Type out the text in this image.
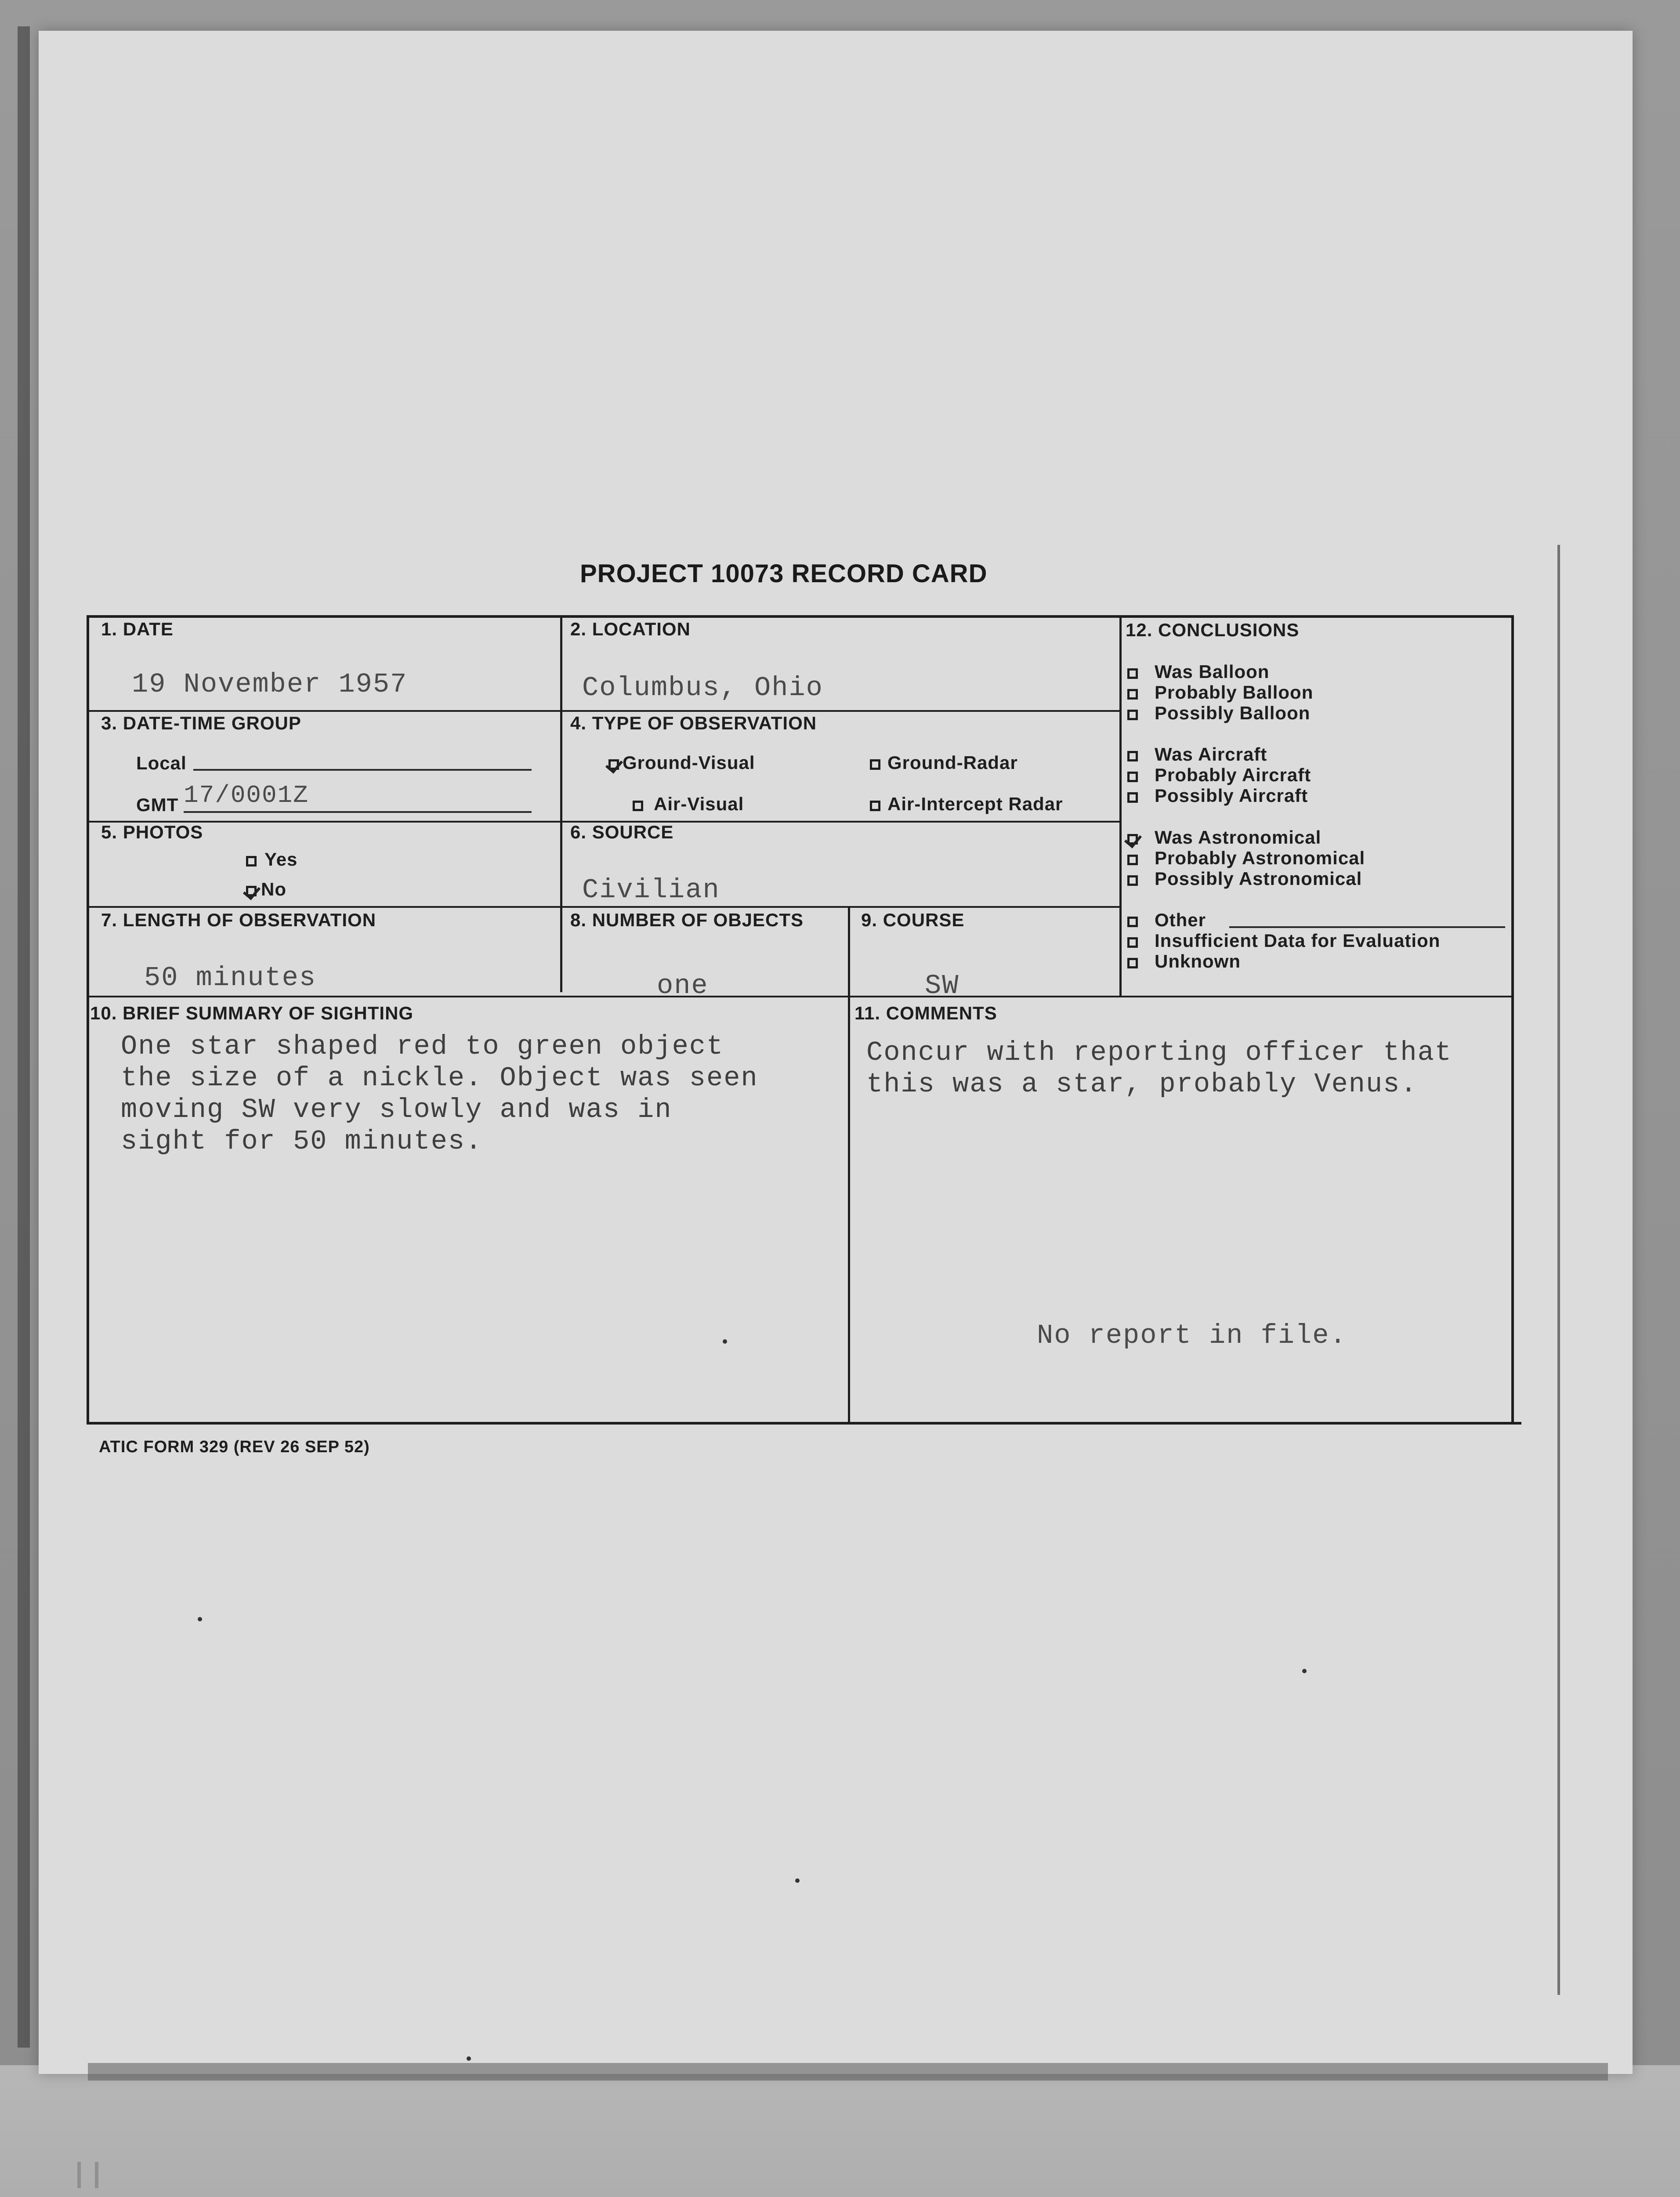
PROJECT 10073 RECORD CARD
1. DATE
19 November 1957
2. LOCATION
Columbus, Ohio
3. DATE-TIME GROUP
Local
GMT 17/0001Z
4. TYPE OF OBSERVATION
Ground-Visual	Ground-Radar
Air-Visual	Air-Intercept Radar
5. PHOTOS
Yes
No
6. SOURCE
Civilian
7. LENGTH OF OBSERVATION
50 minutes
8. NUMBER OF OBJECTS
one
9. COURSE
SW
10. BRIEF SUMMARY OF SIGHTING
One star shaped red to green object
the size of a nickle. Object was seen
moving SW very slowly and was in
sight for 50 minutes.
11. COMMENTS
Concur with reporting officer that
this was a star, probably Venus.
No report in file.
12. CONCLUSIONS
Was Balloon
Probably Balloon
Possibly Balloon
Was Aircraft
Probably Aircraft
Possibly Aircraft
Was Astronomical
Probably Astronomical
Possibly Astronomical
Other
Insufficient Data for Evaluation
Unknown
ATIC FORM 329 (REV 26 SEP 52)
